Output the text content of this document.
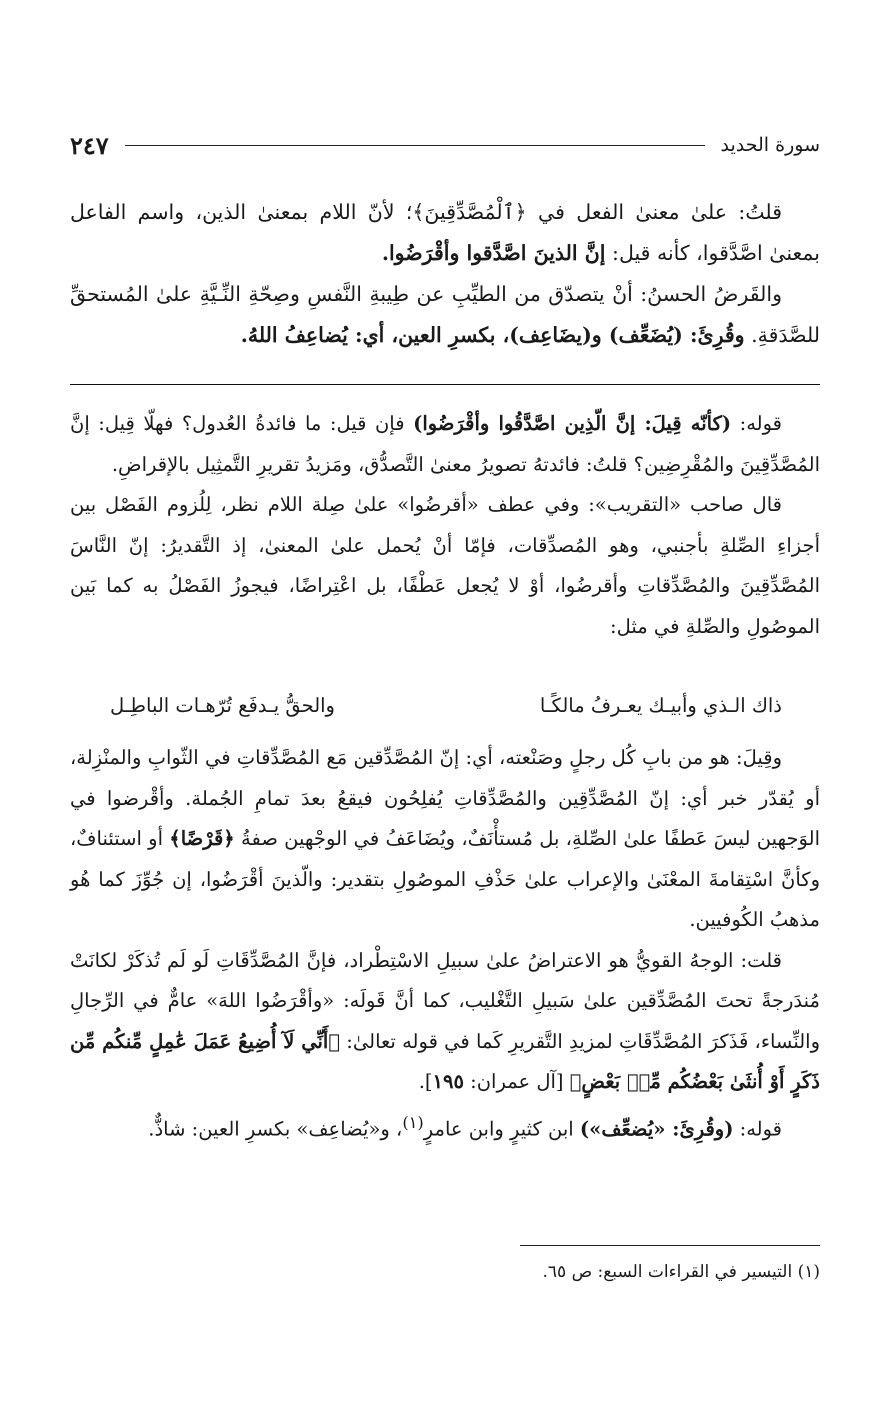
سورة الحديد
٢٤٧

قلتُ: علىٰ معنىٰ الفعل في ﴿ٱلْمُصَّدِّقِينَ﴾؛ لأنّ اللام بمعنىٰ الذين، واسم الفاعل بمعنىٰ اصَّدَّقوا، كأنه قيل: إنَّ الذينَ اصَّدَّقوا وأقْرَضُوا.

والقَرضُ الحسنُ: أنْ يتصدّق من الطيِّبِ عن طِيبةِ النَّفسِ وصِحّةِ النِّـيَّةِ علىٰ المُستحقِّ للصَّدَقةِ. وقُرِئَ: (يُضَعِّف) و(يضَاعِف)، بكسرِ العين، أي: يُضاعِفُ اللهُ.

قوله: (كأنّه قِيلَ: إنَّ الّذِين اصَّدَّقُوا وأقْرَضُوا) فإن قيل: ما فائدةُ العُدول؟ فهلّا قِيل: إنَّ المُصَّدِّقِينَ والمُقْرِضِين؟ قلتُ: فائدتهُ تصويرُ معنىٰ التَّصدُّق، ومَزيدُ تقريرِ التَّمثِيل بالإقراضِ.

قال صاحب «التقريب»: وفي عطف «أقرضُوا» علىٰ صِلة اللام نظر، لِلُزوم الفَصْل بين أجزاءِ الصِّلةِ بأجنبي، وهو المُصدِّقات، فإمّا أنْ يُحمل علىٰ المعنىٰ، إذ التَّقديرُ: إنّ النَّاسَ المُصَّدِّقِينَ والمُصَّدِّقاتِ وأقرضُوا، أوْ لا يُجعل عَطْفًا، بل اعْتِراضًا، فيجوزُ الفَصْلُ به كما بَين الموصُولِ والصِّلةِ في مثل:

ذاك الـذي وأبيـك يعـرفُ مالكًـا
والحقُّ يـدفَع تُرّهـات الباطِـل

وقِيلَ: هو من بابِ كُل رجلٍ وصَنْعته، أي: إنّ المُصَّدِّقين مَع المُصَّدِّقاتِ في الثّوابِ والمنْزِلة، أو يُقدّر خبر أي: إنّ المُصَّدِّقِين والمُصَّدِّقاتِ يُفلِحُون فيقعُ بعدَ تمامِ الجُملة. وأقْرضوا في الوَجهين ليسَ عَطفًا علىٰ الصِّلةِ، بل مُستأْنَفٌ، ويُضَاعَفُ في الوجْهين صفةُ ﴿قَرْضًا﴾ أو استئنافٌ، وكأنَّ اسْتِقامةَ المعْنَىٰ والإعراب علىٰ حَذْفِ الموصُولِ بتقدير: والّذينَ أقْرَضُوا، إن جُوِّزَ كما هُو مذهبُ الكُوفيين.

قلت: الوجهُ القويُّ هو الاعتراضُ علىٰ سبيلِ الاسْتِطْراد، فإنَّ المُصَّدِّقَاتِ لَو لَم تُذكَرْ لكانَتْ مُندَرجةً تحتَ المُصَّدِّقين علىٰ سَبيلِ التَّغْليب، كما أنَّ قَولَه: «وأقْرَضُوا اللهَ» عامٌّ في الرِّجالِ والنِّساء، فَذَكرَ المُصَّدِّقَاتِ لمزيدِ التَّقريرِ كَما في قوله تعالىٰ: ﴿أَنِّي لَآ أُضِيعُ عَمَلَ عَٰمِلٍ مِّنكُم مِّن ذَكَرٍ أَوْ أُنثَىٰ بَعْضُكُم مِّنۢ بَعْضٍ﴾ [آل عمران: ١٩٥].

قوله: (وقُرِئَ: «يُضعِّف») ابن كثيرٍ وابن عامرٍ$^{(١)}$، و«يُضاعِف» بكسرِ العين: شاذٌّ.

(١) التيسير في القراءات السبع: ص ٦٥.
